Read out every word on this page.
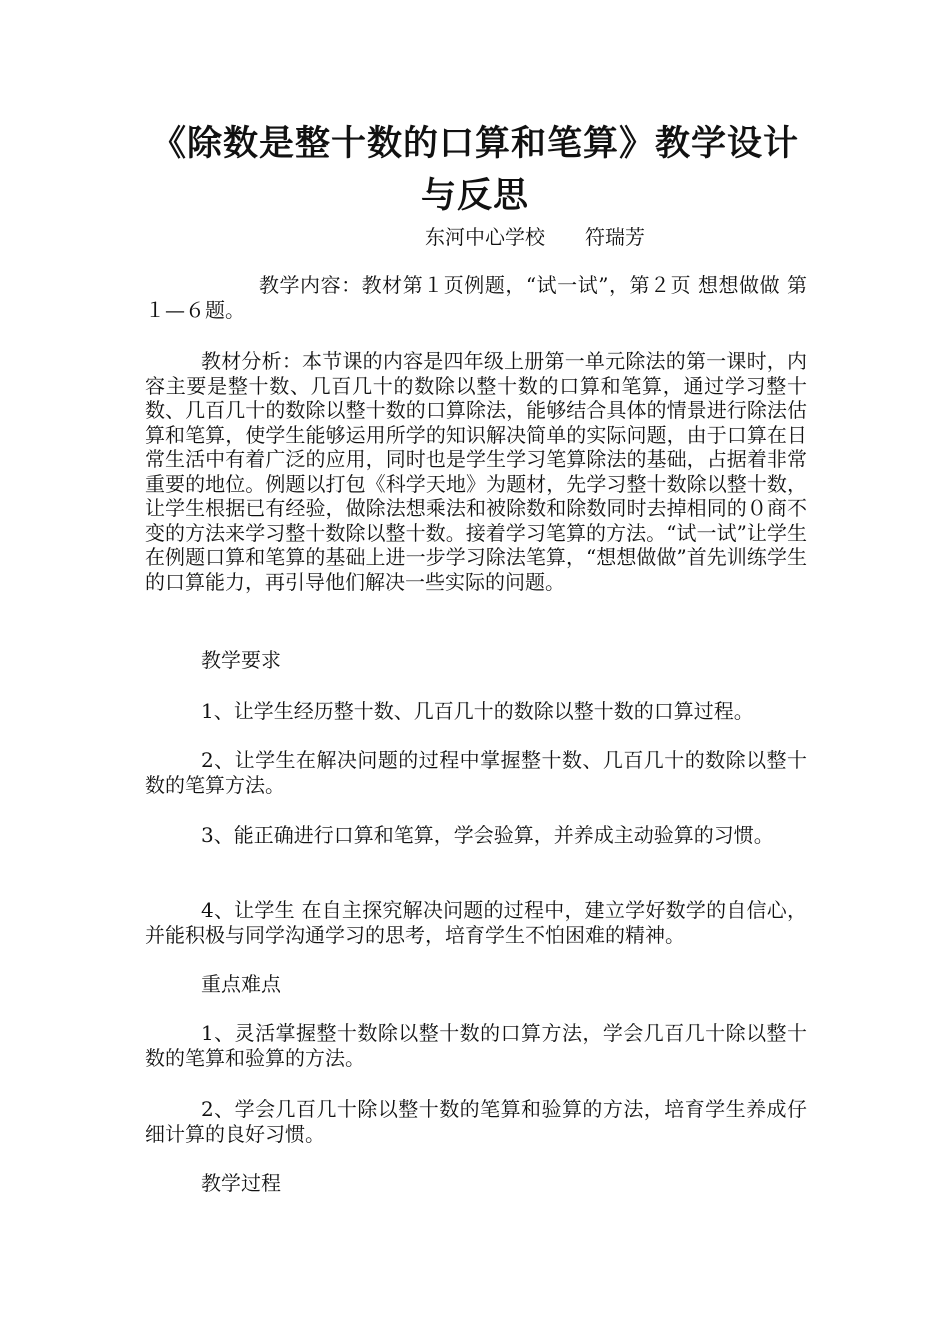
《除数是整十数的口算和笔算》教学设计与反思
东河中心学校　　符瑞芳

教学内容：教材第１页例题，“试一试”，第２页 想想做做 第１—６题。

教材分析：本节课的内容是四年级上册第一单元除法的第一课时，内容主要是整十数、几百几十的数除以整十数的口算和笔算，通过学习整十数、几百几十的数除以整十数的口算除法，能够结合具体的情景进行除法估算和笔算，使学生能够运用所学的知识解决简单的实际问题，由于口算在日常生活中有着广泛的应用，同时也是学生学习笔算除法的基础，占据着非常重要的地位。例题以打包《科学天地》为题材，先学习整十数除以整十数，让学生根据已有经验，做除法想乘法和被除数和除数同时去掉相同的０商不变的方法来学习整十数除以整十数。接着学习笔算的方法。“试一试”让学生在例题口算和笔算的基础上进一步学习除法笔算，“想想做做”首先训练学生的口算能力，再引导他们解决一些实际的问题。

教学要求

1、让学生经历整十数、几百几十的数除以整十数的口算过程。

2、让学生在解决问题的过程中掌握整十数、几百几十的数除以整十数的笔算方法。

3、能正确进行口算和笔算，学会验算，并养成主动验算的习惯。

4、让学生 在自主探究解决问题的过程中，建立学好数学的自信心，并能积极与同学沟通学习的思考，培育学生不怕困难的精神。

重点难点

1、灵活掌握整十数除以整十数的口算方法，学会几百几十除以整十数的笔算和验算的方法。

2、学会几百几十除以整十数的笔算和验算的方法，培育学生养成仔细计算的良好习惯。

教学过程
